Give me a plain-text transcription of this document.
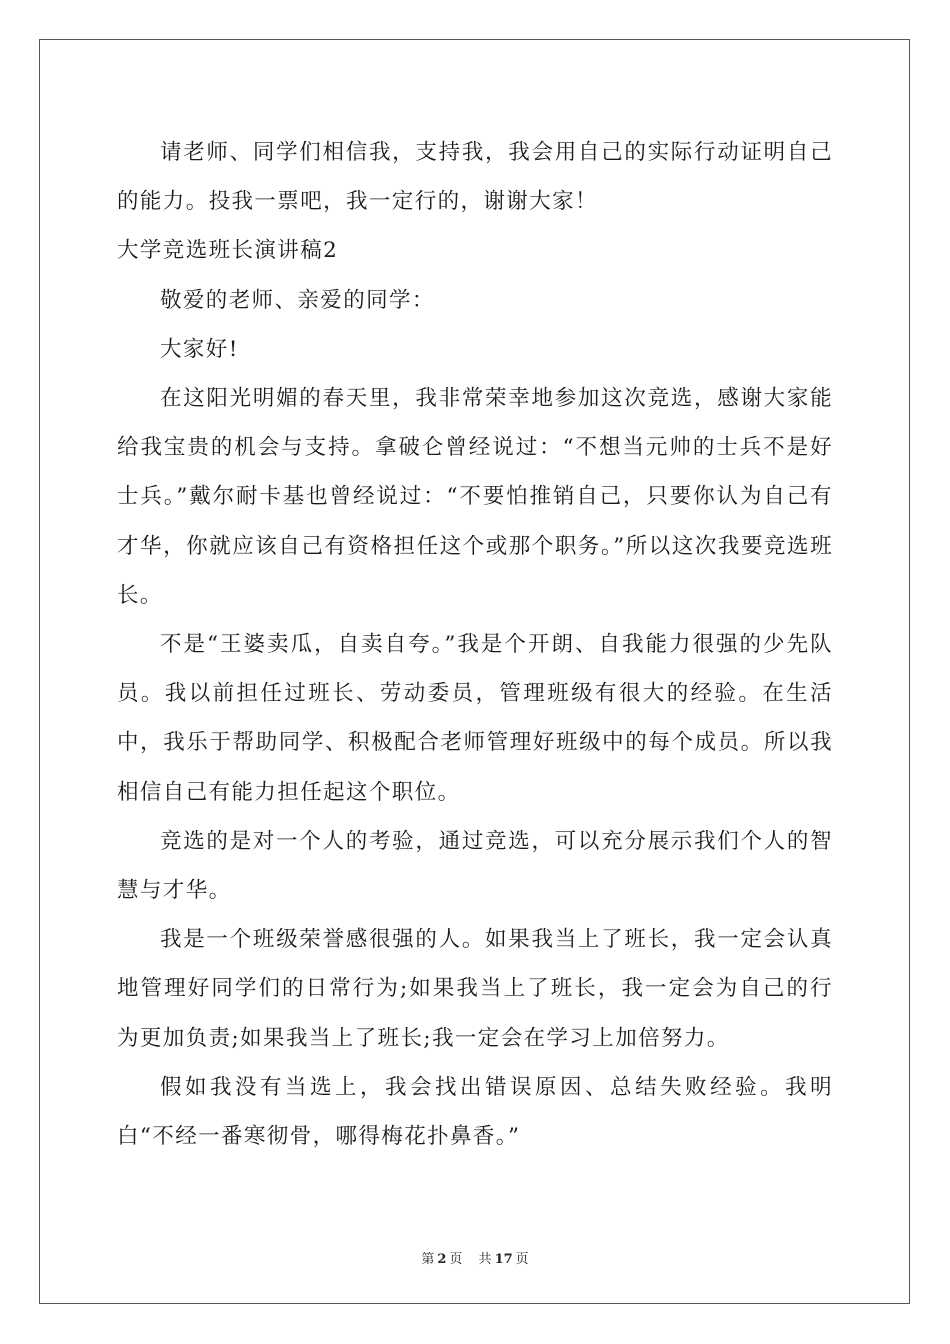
请老师、同学们相信我，支持我，我会用自己的实际行动证明自己的能力。投我一票吧，我一定行的，谢谢大家！

大学竞选班长演讲稿2

敬爱的老师、亲爱的同学：

大家好!

在这阳光明媚的春天里，我非常荣幸地参加这次竞选，感谢大家能给我宝贵的机会与支持。拿破仑曾经说过：“不想当元帅的士兵不是好士兵。”戴尔耐卡基也曾经说过：“不要怕推销自己，只要你认为自己有才华，你就应该自己有资格担任这个或那个职务。”所以这次我要竞选班长。

不是“王婆卖瓜，自卖自夸。”我是个开朗、自我能力很强的少先队员。我以前担任过班长、劳动委员，管理班级有很大的经验。在生活中，我乐于帮助同学、积极配合老师管理好班级中的每个成员。所以我相信自己有能力担任起这个职位。

竞选的是对一个人的考验，通过竞选，可以充分展示我们个人的智慧与才华。

我是一个班级荣誉感很强的人。如果我当上了班长，我一定会认真地管理好同学们的日常行为;如果我当上了班长，我一定会为自己的行为更加负责;如果我当上了班长;我一定会在学习上加倍努力。

假如我没有当选上，我会找出错误原因、总结失败经验。我明白“不经一番寒彻骨，哪得梅花扑鼻香。”

第 2 页 共 17 页
